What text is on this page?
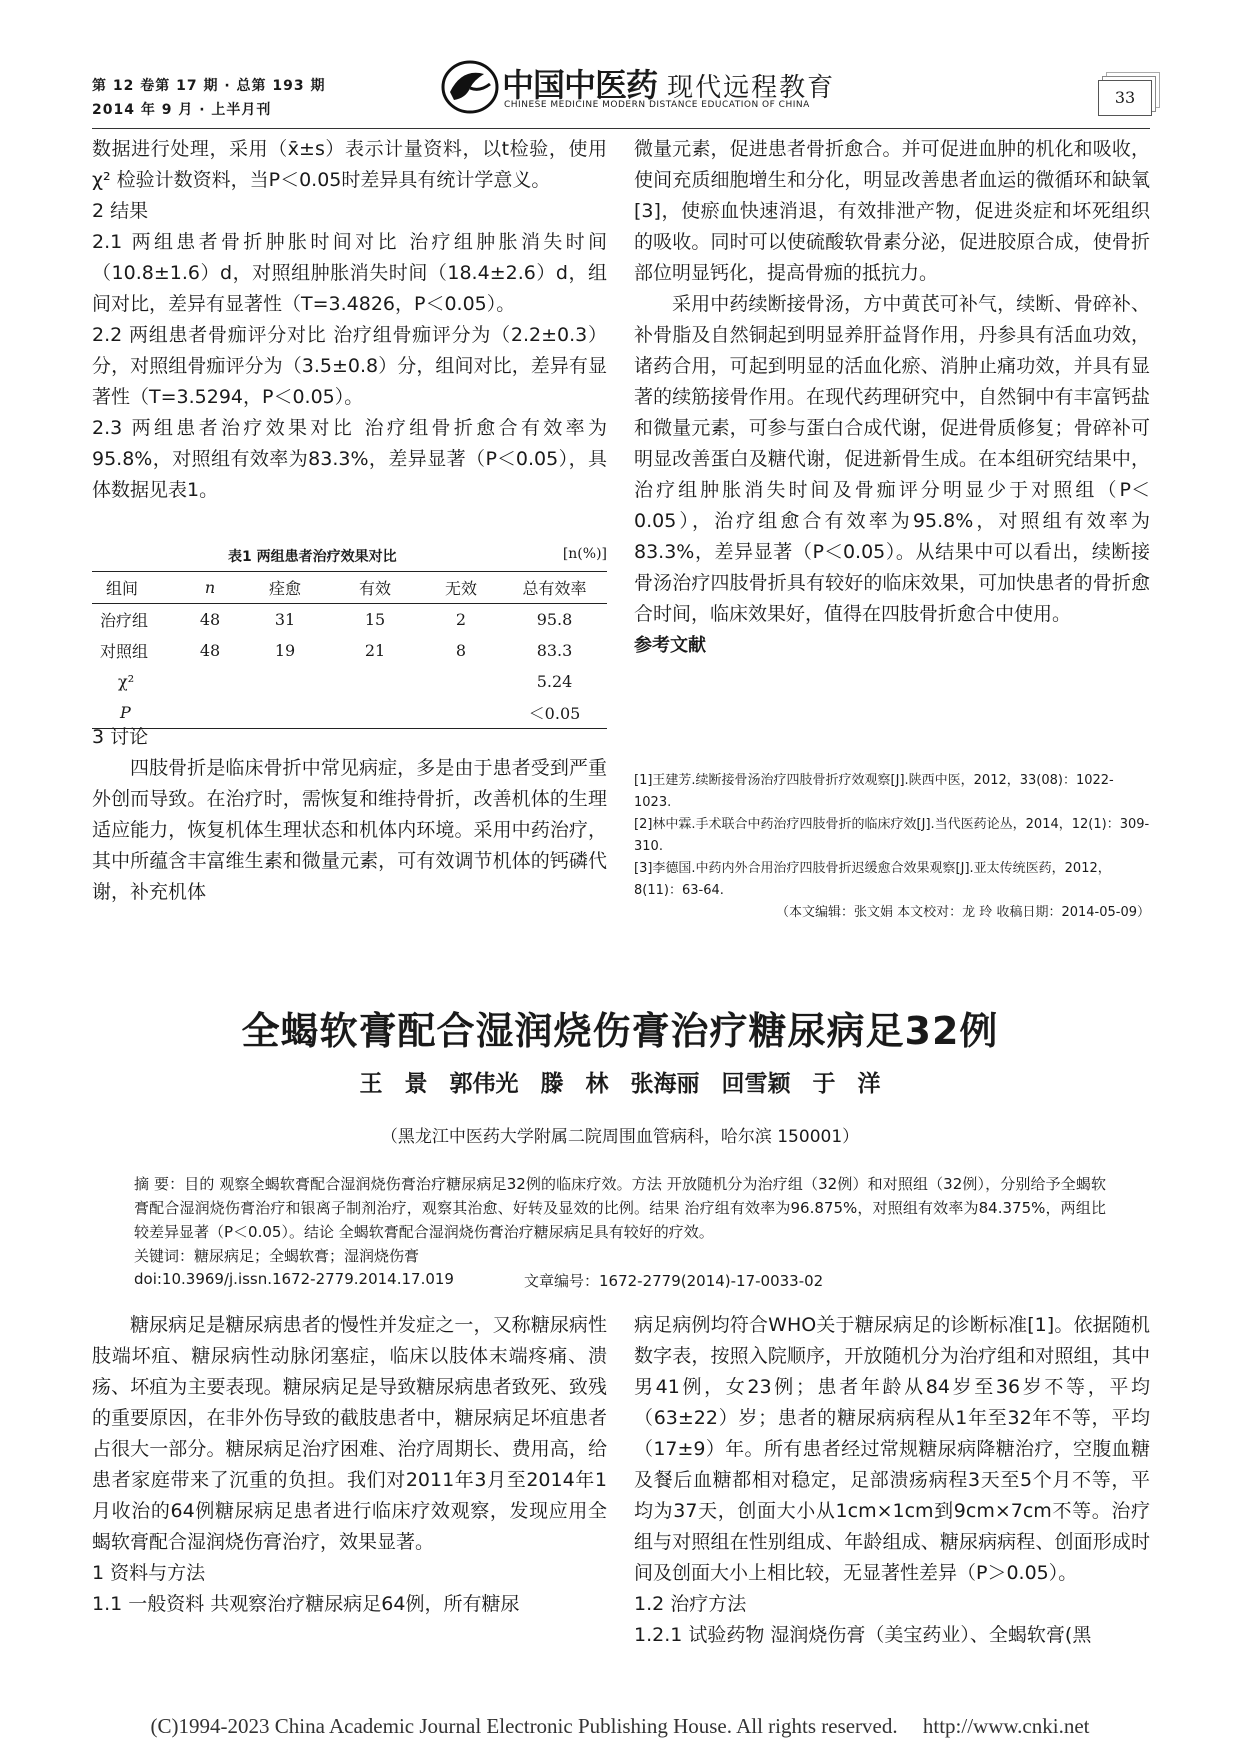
第 12 卷第 17 期 · 总第 193 期
2014 年 9 月 · 上半月刊
中国中医药 现代远程教育
CHINESE MEDICINE MODERN DISTANCE EDUCATION OF CHINA	33

数据进行处理，采用（x̄±s）表示计量资料，以t检验，使用χ² 检验计数资料，当P＜0.05时差异具有统计学意义。

2 结果

2.1 两组患者骨折肿胀时间对比 治疗组肿胀消失时间（10.8±1.6）d，对照组肿胀消失时间（18.4±2.6）d，组间对比，差异有显著性（T=3.4826，P＜0.05）。

2.2 两组患者骨痂评分对比 治疗组骨痂评分为（2.2±0.3）分，对照组骨痂评分为（3.5±0.8）分，组间对比，差异有显著性（T=3.5294，P＜0.05）。

2.3 两组患者治疗效果对比 治疗组骨折愈合有效率为95.8%，对照组有效率为83.3%，差异显著（P＜0.05），具体数据见表1。

表1 两组患者治疗效果对比	[n(%)]
组间	n	痊愈	有效	无效	总有效率
治疗组	48	31	15	2	95.8
对照组	48	19	21	8	83.3
χ²					5.24
P					＜0.05

3 讨论

四肢骨折是临床骨折中常见病症，多是由于患者受到严重外创而导致。在治疗时，需恢复和维持骨折，改善机体的生理适应能力，恢复机体生理状态和机体内环境。采用中药治疗，其中所蕴含丰富维生素和微量元素，可有效调节机体的钙磷代谢，补充机体

微量元素，促进患者骨折愈合。并可促进血肿的机化和吸收，使间充质细胞增生和分化，明显改善患者血运的微循环和缺氧[3]，使瘀血快速消退，有效排泄产物，促进炎症和坏死组织的吸收。同时可以使硫酸软骨素分泌，促进胶原合成，使骨折部位明显钙化，提高骨痂的抵抗力。

采用中药续断接骨汤，方中黄芪可补气，续断、骨碎补、补骨脂及自然铜起到明显养肝益肾作用，丹参具有活血功效，诸药合用，可起到明显的活血化瘀、消肿止痛功效，并具有显著的续筋接骨作用。在现代药理研究中，自然铜中有丰富钙盐和微量元素，可参与蛋白合成代谢，促进骨质修复；骨碎补可明显改善蛋白及糖代谢，促进新骨生成。在本组研究结果中，治疗组肿胀消失时间及骨痂评分明显少于对照组（P＜0.05），治疗组愈合有效率为95.8%，对照组有效率为83.3%，差异显著（P＜0.05）。从结果中可以看出，续断接骨汤治疗四肢骨折具有较好的临床效果，可加快患者的骨折愈合时间，临床效果好，值得在四肢骨折愈合中使用。

参考文献

[1]王建芳.续断接骨汤治疗四肢骨折疗效观察[J].陕西中医，2012，33(08)：1022-1023.

[2]林中霖.手术联合中药治疗四肢骨折的临床疗效[J].当代医药论丛，2014，12(1)：309-310.

[3]李德国.中药内外合用治疗四肢骨折迟缓愈合效果观察[J].亚太传统医药，2012，8(11)：63-64.

（本文编辑：张文娟 本文校对：龙 玲 收稿日期：2014-05-09）

全蝎软膏配合湿润烧伤膏治疗糖尿病足32例
王 景 郭伟光 滕 林 张海丽 回雪颖 于 洋
（黑龙江中医药大学附属二院周围血管病科，哈尔滨 150001）

摘 要：目的 观察全蝎软膏配合湿润烧伤膏治疗糖尿病足32例的临床疗效。方法 开放随机分为治疗组（32例）和对照组（32例），分别给予全蝎软膏配合湿润烧伤膏治疗和银离子制剂治疗，观察其治愈、好转及显效的比例。结果 治疗组有效率为96.875%，对照组有效率为84.375%，两组比较差异显著（P＜0.05）。结论 全蝎软膏配合湿润烧伤膏治疗糖尿病足具有较好的疗效。

关键词：糖尿病足；全蝎软膏；湿润烧伤膏

doi:10.3969/j.issn.1672-2779.2014.17.019	文章编号：1672-2779(2014)-17-0033-02

糖尿病足是糖尿病患者的慢性并发症之一，又称糖尿病性肢端坏疽、糖尿病性动脉闭塞症，临床以肢体末端疼痛、溃疡、坏疽为主要表现。糖尿病足是导致糖尿病患者致死、致残的重要原因，在非外伤导致的截肢患者中，糖尿病足坏疽患者占很大一部分。糖尿病足治疗困难、治疗周期长、费用高，给患者家庭带来了沉重的负担。我们对2011年3月至2014年1月收治的64例糖尿病足患者进行临床疗效观察，发现应用全蝎软膏配合湿润烧伤膏治疗，效果显著。

1 资料与方法

1.1 一般资料 共观察治疗糖尿病足64例，所有糖尿

病足病例均符合WHO关于糖尿病足的诊断标准[1]。依据随机数字表，按照入院顺序，开放随机分为治疗组和对照组，其中男41例，女23例；患者年龄从84岁至36岁不等，平均（63±22）岁；患者的糖尿病病程从1年至32年不等，平均（17±9）年。所有患者经过常规糖尿病降糖治疗，空腹血糖及餐后血糖都相对稳定，足部溃疡病程3天至5个月不等，平均为37天，创面大小从1cm×1cm到9cm×7cm不等。治疗组与对照组在性别组成、年龄组成、糖尿病病程、创面形成时间及创面大小上相比较，无显著性差异（P＞0.05）。

1.2 治疗方法

1.2.1 试验药物 湿润烧伤膏（美宝药业）、全蝎软膏(黑

(C)1994-2023 China Academic Journal Electronic Publishing House. All rights reserved. http://www.cnki.net
